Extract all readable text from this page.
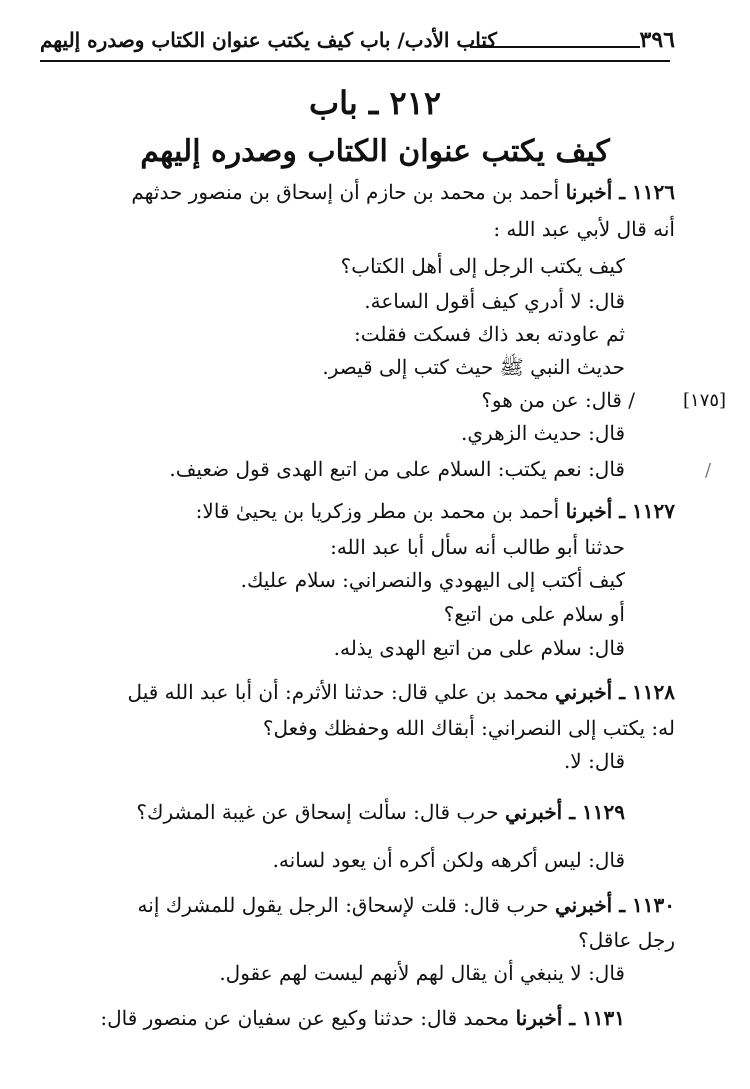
٣٩٦
كتاب الأدب/ باب كيف يكتب عنوان الكتاب وصدره إليهم
٢١٢ ـ باب
كيف يكتب عنوان الكتاب وصدره إليهم
[١٧٥]
/
١١٢٦ ـ أخبرنا أحمد بن محمد بن حازم أن إسحاق بن منصور حدثهم
أنه قال لأبي عبد الله :
كيف يكتب الرجل إلى أهل الكتاب؟
قال: لا أدري كيف أقول الساعة.
ثم عاودته بعد ذاك فسكت فقلت:
حديث النبي ﷺ حيث كتب إلى قيصر.
/ قال: عن من هو؟
قال: حديث الزهري.
قال: نعم يكتب: السلام على من اتبع الهدى قول ضعيف.
١١٢٧ ـ أخبرنا أحمد بن محمد بن مطر وزكريا بن يحيىٰ قالا:
حدثنا أبو طالب أنه سأل أبا عبد الله:
كيف أكتب إلى اليهودي والنصراني: سلام عليك.
أو سلام على من اتبع؟
قال: سلام على من اتبع الهدى يذله.
١١٢٨ ـ أخبرني محمد بن علي قال: حدثنا الأثرم: أن أبا عبد الله قيل
له: يكتب إلى النصراني: أبقاك الله وحفظك وفعل؟
قال: لا.
١١٢٩ ـ أخبرني حرب قال: سألت إسحاق عن غيبة المشرك؟
قال: ليس أكرهه ولكن أكره أن يعود لسانه.
١١٣٠ ـ أخبرني حرب قال: قلت لإسحاق: الرجل يقول للمشرك إنه
رجل عاقل؟
قال: لا ينبغي أن يقال لهم لأنهم ليست لهم عقول.
١١٣١ ـ أخبرنا محمد قال: حدثنا وكيع عن سفيان عن منصور قال:
